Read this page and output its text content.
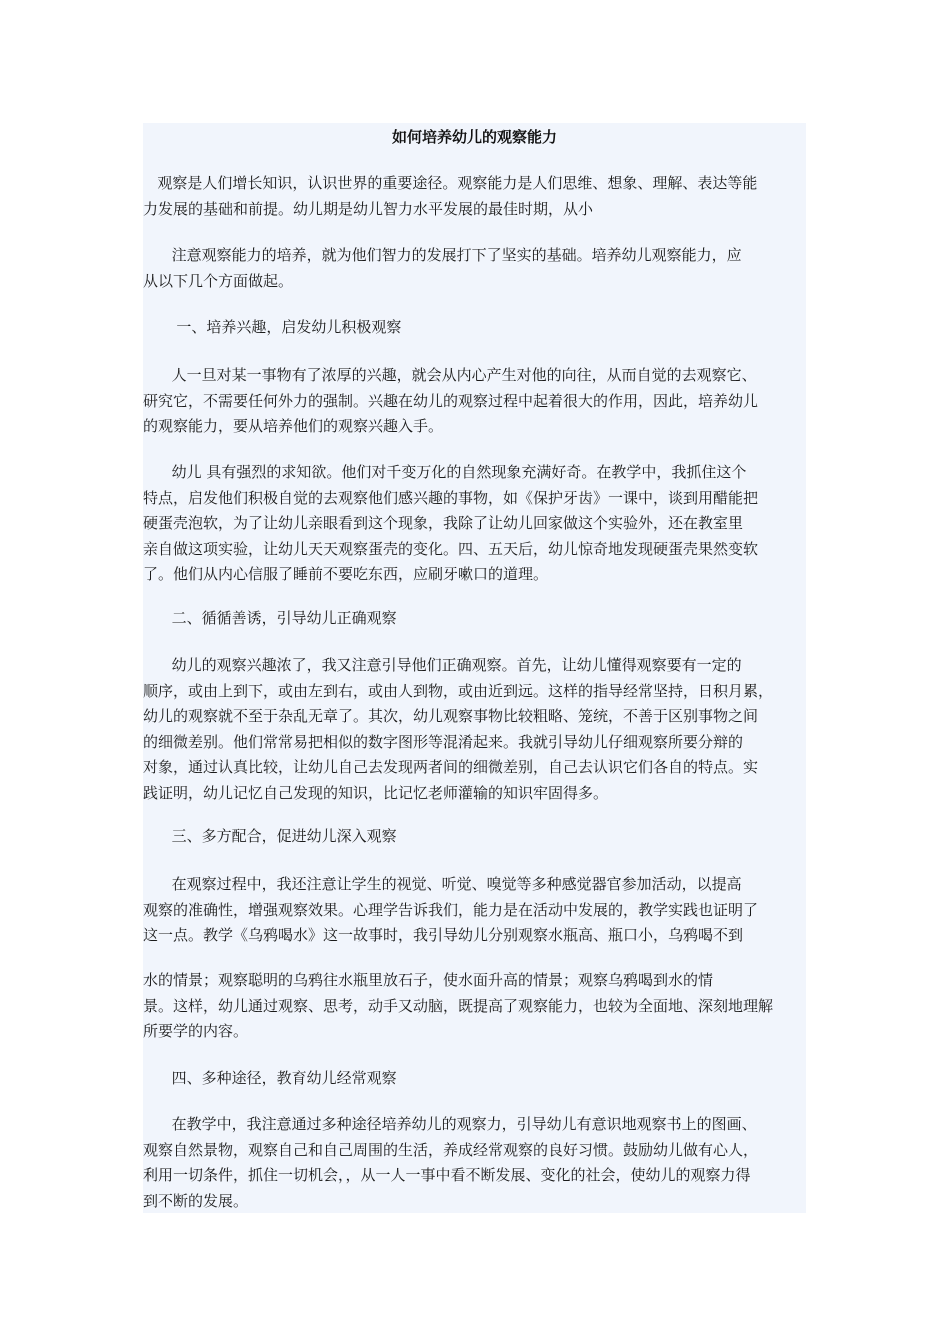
如何培养幼儿的观察能力

观察是人们增长知识，认识世界的重要途径。观察能力是人们思维、想象、理解、表达等能
力发展的基础和前提。幼儿期是幼儿智力水平发展的最佳时期，从小

注意观察能力的培养，就为他们智力的发展打下了坚实的基础。培养幼儿观察能力，应
从以下几个方面做起。

一、培养兴趣，启发幼儿积极观察

人一旦对某一事物有了浓厚的兴趣，就会从内心产生对他的向往，从而自觉的去观察它、
研究它，不需要任何外力的强制。兴趣在幼儿的观察过程中起着很大的作用，因此，培养幼儿
的观察能力，要从培养他们的观察兴趣入手。

幼儿 具有强烈的求知欲。他们对千变万化的自然现象充满好奇。在教学中，我抓住这个
特点，启发他们积极自觉的去观察他们感兴趣的事物，如《保护牙齿》一课中，谈到用醋能把
硬蛋壳泡软，为了让幼儿亲眼看到这个现象，我除了让幼儿回家做这个实验外，还在教室里
亲自做这项实验，让幼儿天天观察蛋壳的变化。四、五天后，幼儿惊奇地发现硬蛋壳果然变软
了。他们从内心信服了睡前不要吃东西，应刷牙嗽口的道理。

二、循循善诱，引导幼儿正确观察

幼儿的观察兴趣浓了，我又注意引导他们正确观察。首先，让幼儿懂得观察要有一定的
顺序，或由上到下，或由左到右，或由人到物，或由近到远。这样的指导经常坚持，日积月累，
幼儿的观察就不至于杂乱无章了。其次，幼儿观察事物比较粗略、笼统，不善于区别事物之间
的细微差别。他们常常易把相似的数字图形等混淆起来。我就引导幼儿仔细观察所要分辩的
对象，通过认真比较，让幼儿自己去发现两者间的细微差别，自己去认识它们各自的特点。实
践证明，幼儿记忆自己发现的知识，比记忆老师灌输的知识牢固得多。

三、多方配合，促进幼儿深入观察

在观察过程中，我还注意让学生的视觉、听觉、嗅觉等多种感觉器官参加活动，以提高
观察的准确性，增强观察效果。心理学告诉我们，能力是在活动中发展的，教学实践也证明了
这一点。教学《乌鸦喝水》这一故事时，我引导幼儿分别观察水瓶高、瓶口小，乌鸦喝不到

水的情景；观察聪明的乌鸦往水瓶里放石子，使水面升高的情景；观察乌鸦喝到水的情
景。这样，幼儿通过观察、思考，动手又动脑，既提高了观察能力，也较为全面地、深刻地理解
所要学的内容。

四、多种途径，教育幼儿经常观察

在教学中，我注意通过多种途径培养幼儿的观察力，引导幼儿有意识地观察书上的图画、
观察自然景物，观察自己和自己周围的生活，养成经常观察的良好习惯。鼓励幼儿做有心人，
利用一切条件，抓住一切机会，，从一人一事中看不断发展、变化的社会，使幼儿的观察力得
到不断的发展。
